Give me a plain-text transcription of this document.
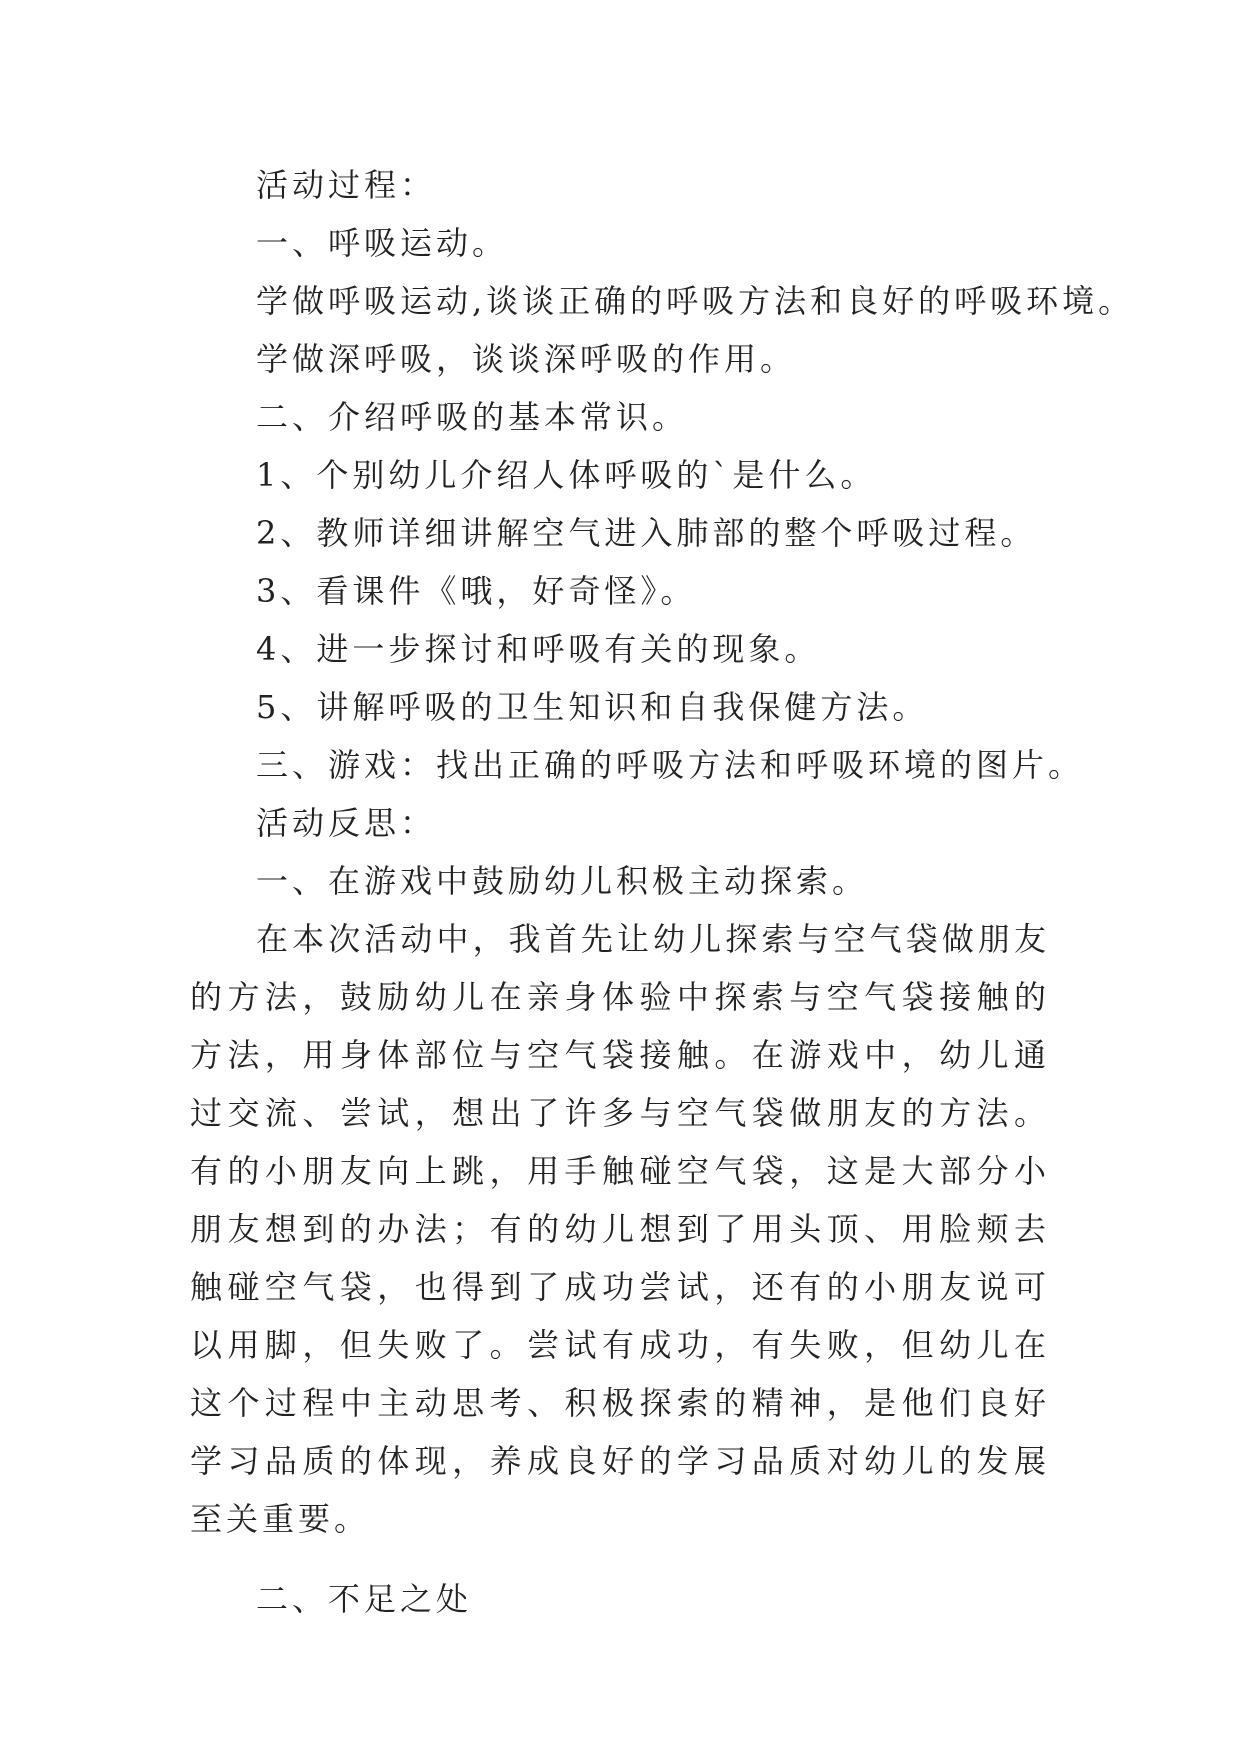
活动过程：
一、呼吸运动。
学做呼吸运动,谈谈正确的呼吸方法和良好的呼吸环境。
学做深呼吸，谈谈深呼吸的作用。
二、介绍呼吸的基本常识。
1、个别幼儿介绍人体呼吸的`是什么。
2、教师详细讲解空气进入肺部的整个呼吸过程。
3、看课件《哦，好奇怪》。
4、进一步探讨和呼吸有关的现象。
5、讲解呼吸的卫生知识和自我保健方法。
三、游戏：找出正确的呼吸方法和呼吸环境的图片。
活动反思：
一、在游戏中鼓励幼儿积极主动探索。

在本次活动中，我首先让幼儿探索与空气袋做朋友的方法，鼓励幼儿在亲身体验中探索与空气袋接触的方法，用身体部位与空气袋接触。在游戏中，幼儿通过交流、尝试，想出了许多与空气袋做朋友的方法。有的小朋友向上跳，用手触碰空气袋，这是大部分小朋友想到的办法；有的幼儿想到了用头顶、用脸颊去触碰空气袋，也得到了成功尝试，还有的小朋友说可以用脚，但失败了。尝试有成功，有失败，但幼儿在这个过程中主动思考、积极探索的精神，是他们良好学习品质的体现，养成良好的学习品质对幼儿的发展至关重要。

二、不足之处
